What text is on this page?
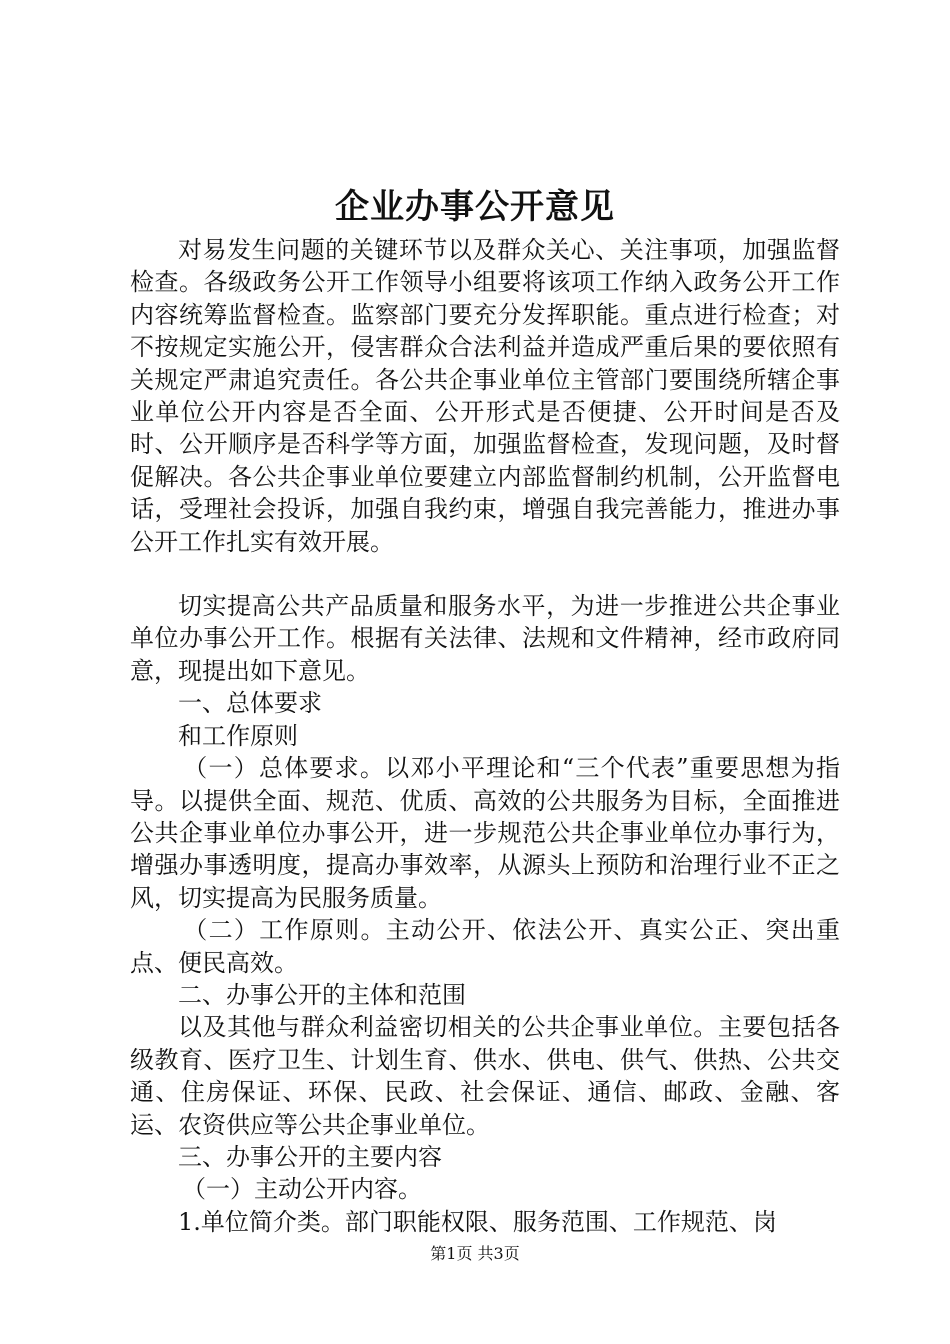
企业办事公开意见

对易发生问题的关键环节以及群众关心、关注事项，加强监督检查。各级政务公开工作领导小组要将该项工作纳入政务公开工作内容统筹监督检查。监察部门要充分发挥职能。重点进行检查；对不按规定实施公开，侵害群众合法利益并造成严重后果的要依照有关规定严肃追究责任。各公共企事业单位主管部门要围绕所辖企事业单位公开内容是否全面、公开形式是否便捷、公开时间是否及时、公开顺序是否科学等方面，加强监督检查，发现问题，及时督促解决。各公共企事业单位要建立内部监督制约机制，公开监督电话，受理社会投诉，加强自我约束，增强自我完善能力，推进办事公开工作扎实有效开展。

切实提高公共产品质量和服务水平，为进一步推进公共企事业单位办事公开工作。根据有关法律、法规和文件精神，经市政府同意，现提出如下意见。

一、总体要求

和工作原则

（一）总体要求。以邓小平理论和“三个代表”重要思想为指导。以提供全面、规范、优质、高效的公共服务为目标，全面推进公共企事业单位办事公开，进一步规范公共企事业单位办事行为，增强办事透明度，提高办事效率，从源头上预防和治理行业不正之风，切实提高为民服务质量。

（二）工作原则。主动公开、依法公开、真实公正、突出重点、便民高效。

二、办事公开的主体和范围

以及其他与群众利益密切相关的公共企事业单位。主要包括各级教育、医疗卫生、计划生育、供水、供电、供气、供热、公共交通、住房保证、环保、民政、社会保证、通信、邮政、金融、客运、农资供应等公共企事业单位。

三、办事公开的主要内容

（一）主动公开内容。

1.单位简介类。部门职能权限、服务范围、工作规范、岗

第1页 共3页
